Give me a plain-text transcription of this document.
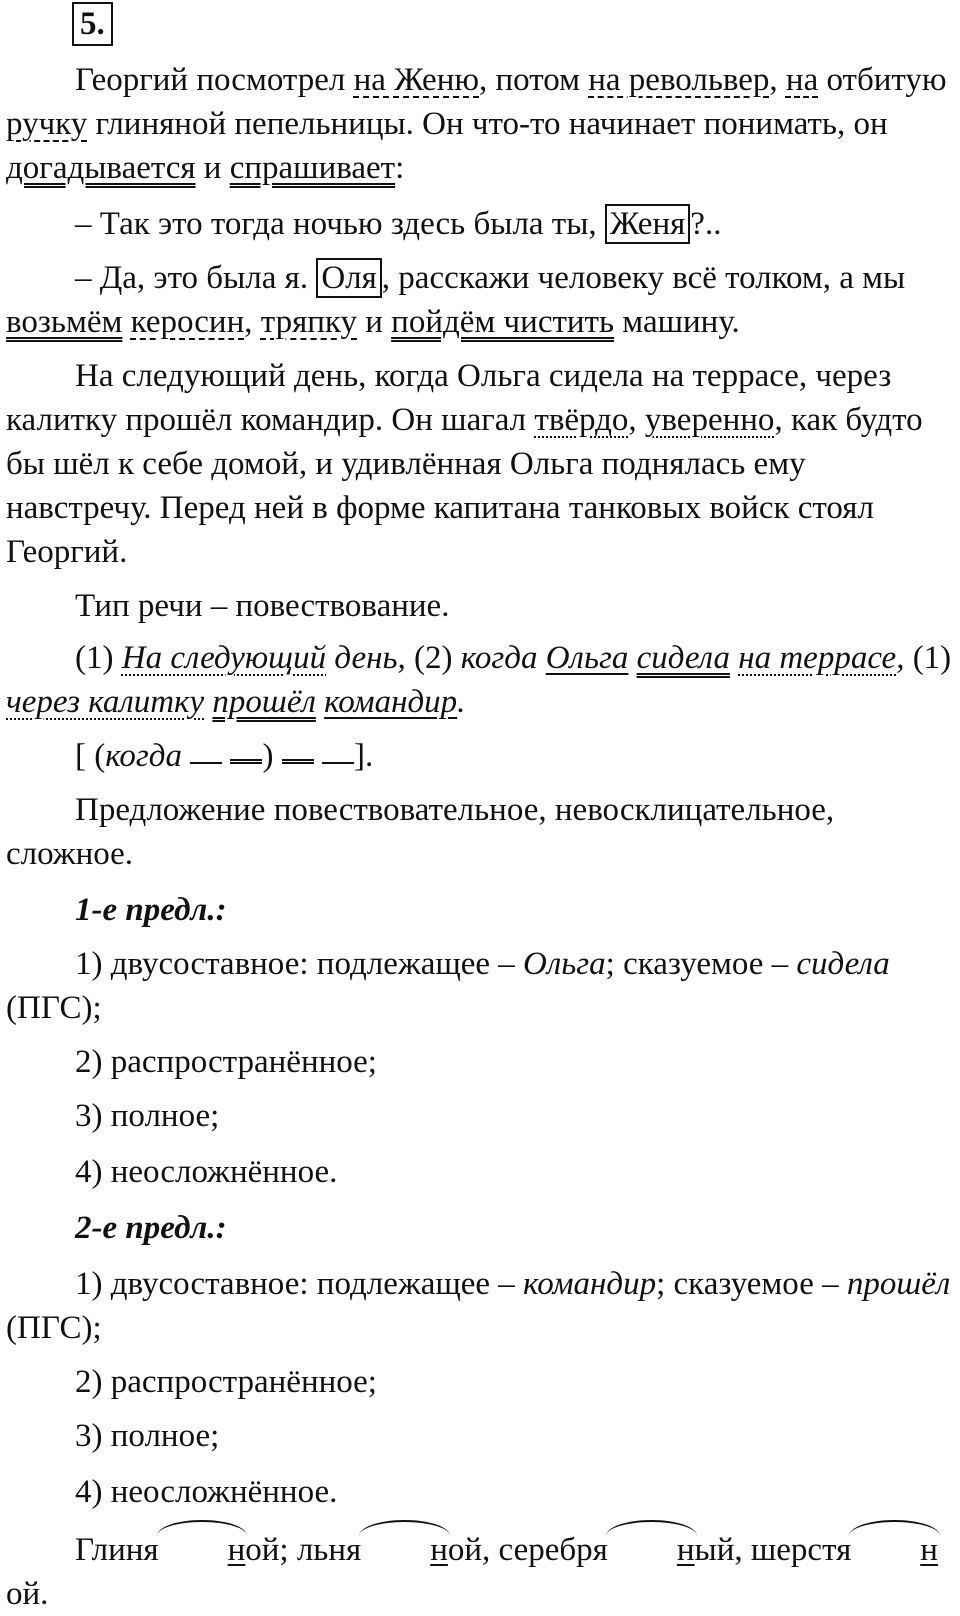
5.

Георгий посмотрел на Женю, потом на револьвер, на отбитую ручку глиняной пепельницы. Он что-то начинает понимать, он догадывается и спрашивает:

– Так это тогда ночью здесь была ты, Женя ?..

– Да, это была я. Оля , расскажи человеку всё толком, а мы возьмём керосин, тряпку и пойдём чистить машину.

На следующий день, когда Ольга сидела на террасе, через калитку прошёл командир. Он шагал твёрдо, уверенно, как будто бы шёл к себе домой, и удивлённая Ольга поднялась ему навстречу. Перед ней в форме капитана танковых войск стоял Георгий.

Тип речи – повествование.

(1) На следующий день, (2) когда Ольга сидела на террасе, (1) через калитку прошёл командир.

[ (когда ) ].

Предложение повествовательное, невосклицательное, сложное.

1-е предл.:

1) двусоставное: подлежащее – Ольга; сказуемое – сидела (ПГС);

2) распространённое;

3) полное;

4) неосложнённое.

2-е предл.:

1) двусоставное: подлежащее – командир; сказуемое – прошёл (ПГС);

2) распространённое;

3) полное;

4) неосложнённое.

Глиня ной; льня ной, серебря ный, шерстя ной.
